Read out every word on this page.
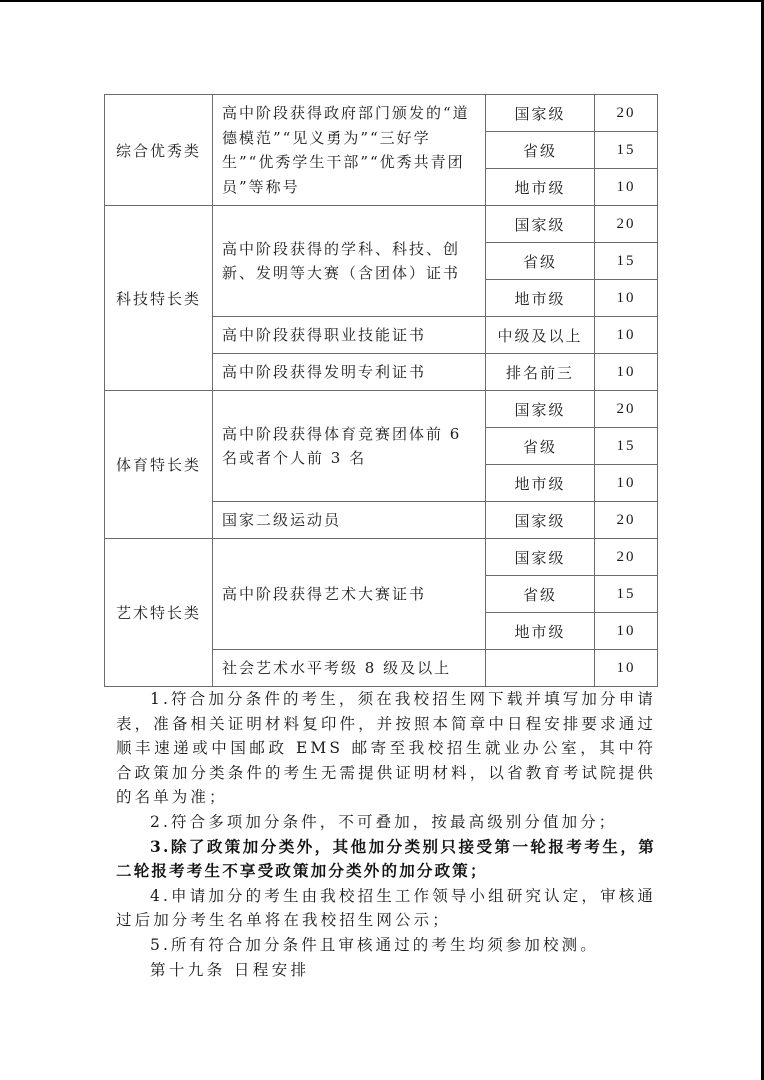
综合优秀类	高中阶段获得政府部门颁发的“道德模范”“见义勇为”“三好学生”“优秀学生干部”“优秀共青团员”等称号	国家级	20
		省级	15
		地市级	10
科技特长类	高中阶段获得的学科、科技、创新、发明等大赛（含团体）证书	国家级	20
		省级	15
		地市级	10
	高中阶段获得职业技能证书	中级及以上	10
	高中阶段获得发明专利证书	排名前三	10
体育特长类	高中阶段获得体育竞赛团体前 6 名或者个人前 3 名	国家级	20
		省级	15
		地市级	10
	国家二级运动员	国家级	20
艺术特长类	高中阶段获得艺术大赛证书	国家级	20
		省级	15
		地市级	10
	社会艺术水平考级 8 级及以上		10

1.符合加分条件的考生，须在我校招生网下载并填写加分申请表，准备相关证明材料复印件，并按照本简章中日程安排要求通过顺丰速递或中国邮政 EMS 邮寄至我校招生就业办公室，其中符合政策加分类条件的考生无需提供证明材料，以省教育考试院提供的名单为准；

2.符合多项加分条件，不可叠加，按最高级别分值加分；

3.除了政策加分类外，其他加分类别只接受第一轮报考考生，第二轮报考考生不享受政策加分类外的加分政策；

4.申请加分的考生由我校招生工作领导小组研究认定，审核通过后加分考生名单将在我校招生网公示；

5.所有符合加分条件且审核通过的考生均须参加校测。

第十九条 日程安排
